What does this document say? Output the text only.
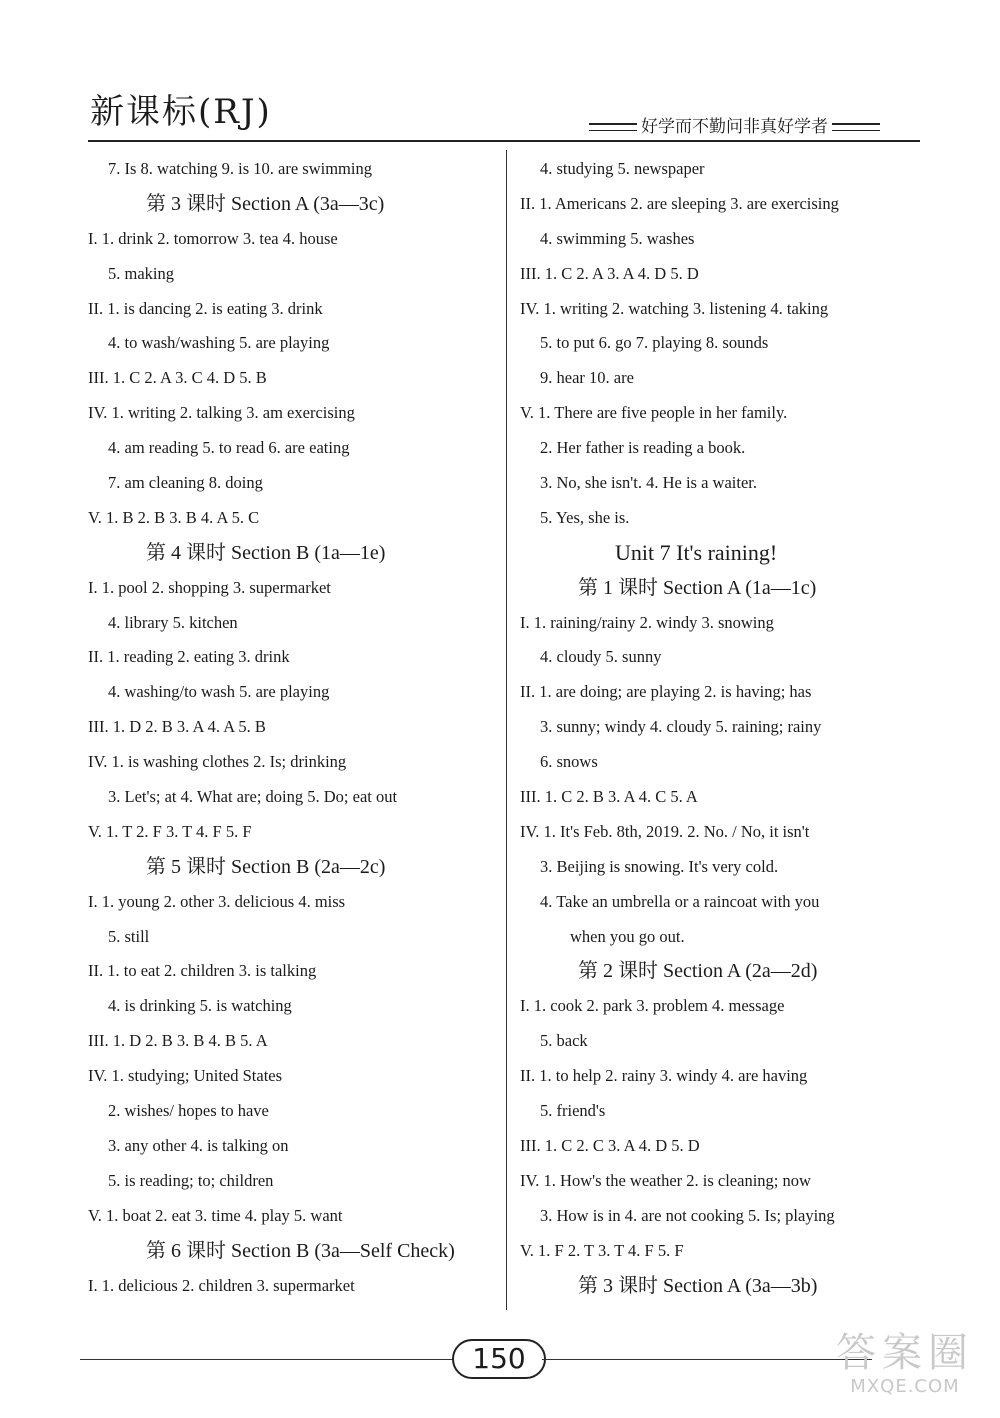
新课标(RJ)	好学而不勤问非真好学者
7. Is 8. watching 9. is 10. are swimming
第 3 课时 Section A (3a—3c)
I. 1. drink 2. tomorrow 3. tea 4. house
5. making
II. 1. is dancing 2. is eating 3. drink
4. to wash/washing 5. are playing
III. 1. C 2. A 3. C 4. D 5. B
IV. 1. writing 2. talking 3. am exercising
4. am reading 5. to read 6. are eating
7. am cleaning 8. doing
V. 1. B 2. B 3. B 4. A 5. C
第 4 课时 Section B (1a—1e)
I. 1. pool 2. shopping 3. supermarket
4. library 5. kitchen
II. 1. reading 2. eating 3. drink
4. washing/to wash 5. are playing
III. 1. D 2. B 3. A 4. A 5. B
IV. 1. is washing clothes 2. Is; drinking
3. Let's; at 4. What are; doing 5. Do; eat out
V. 1. T 2. F 3. T 4. F 5. F
第 5 课时 Section B (2a—2c)
I. 1. young 2. other 3. delicious 4. miss
5. still
II. 1. to eat 2. children 3. is talking
4. is drinking 5. is watching
III. 1. D 2. B 3. B 4. B 5. A
IV. 1. studying; United States
2. wishes/ hopes to have
3. any other 4. is talking on
5. is reading; to; children
V. 1. boat 2. eat 3. time 4. play 5. want
第 6 课时 Section B (3a—Self Check)
I. 1. delicious 2. children 3. supermarket
4. studying 5. newspaper
II. 1. Americans 2. are sleeping 3. are exercising
4. swimming 5. washes
III. 1. C 2. A 3. A 4. D 5. D
IV. 1. writing 2. watching 3. listening 4. taking
5. to put 6. go 7. playing 8. sounds
9. hear 10. are
V. 1. There are five people in her family.
2. Her father is reading a book.
3. No, she isn't. 4. He is a waiter.
5. Yes, she is.
Unit 7 It's raining!
第 1 课时 Section A (1a—1c)
I. 1. raining/rainy 2. windy 3. snowing
4. cloudy 5. sunny
II. 1. are doing; are playing 2. is having; has
3. sunny; windy 4. cloudy 5. raining; rainy
6. snows
III. 1. C 2. B 3. A 4. C 5. A
IV. 1. It's Feb. 8th, 2019. 2. No. / No, it isn't
3. Beijing is snowing. It's very cold.
4. Take an umbrella or a raincoat with you
when you go out.
第 2 课时 Section A (2a—2d)
I. 1. cook 2. park 3. problem 4. message
5. back
II. 1. to help 2. rainy 3. windy 4. are having
5. friend's
III. 1. C 2. C 3. A 4. D 5. D
IV. 1. How's the weather 2. is cleaning; now
3. How is in 4. are not cooking 5. Is; playing
V. 1. F 2. T 3. T 4. F 5. F
第 3 课时 Section A (3a—3b)
150	答案圈
MXQE.COM
